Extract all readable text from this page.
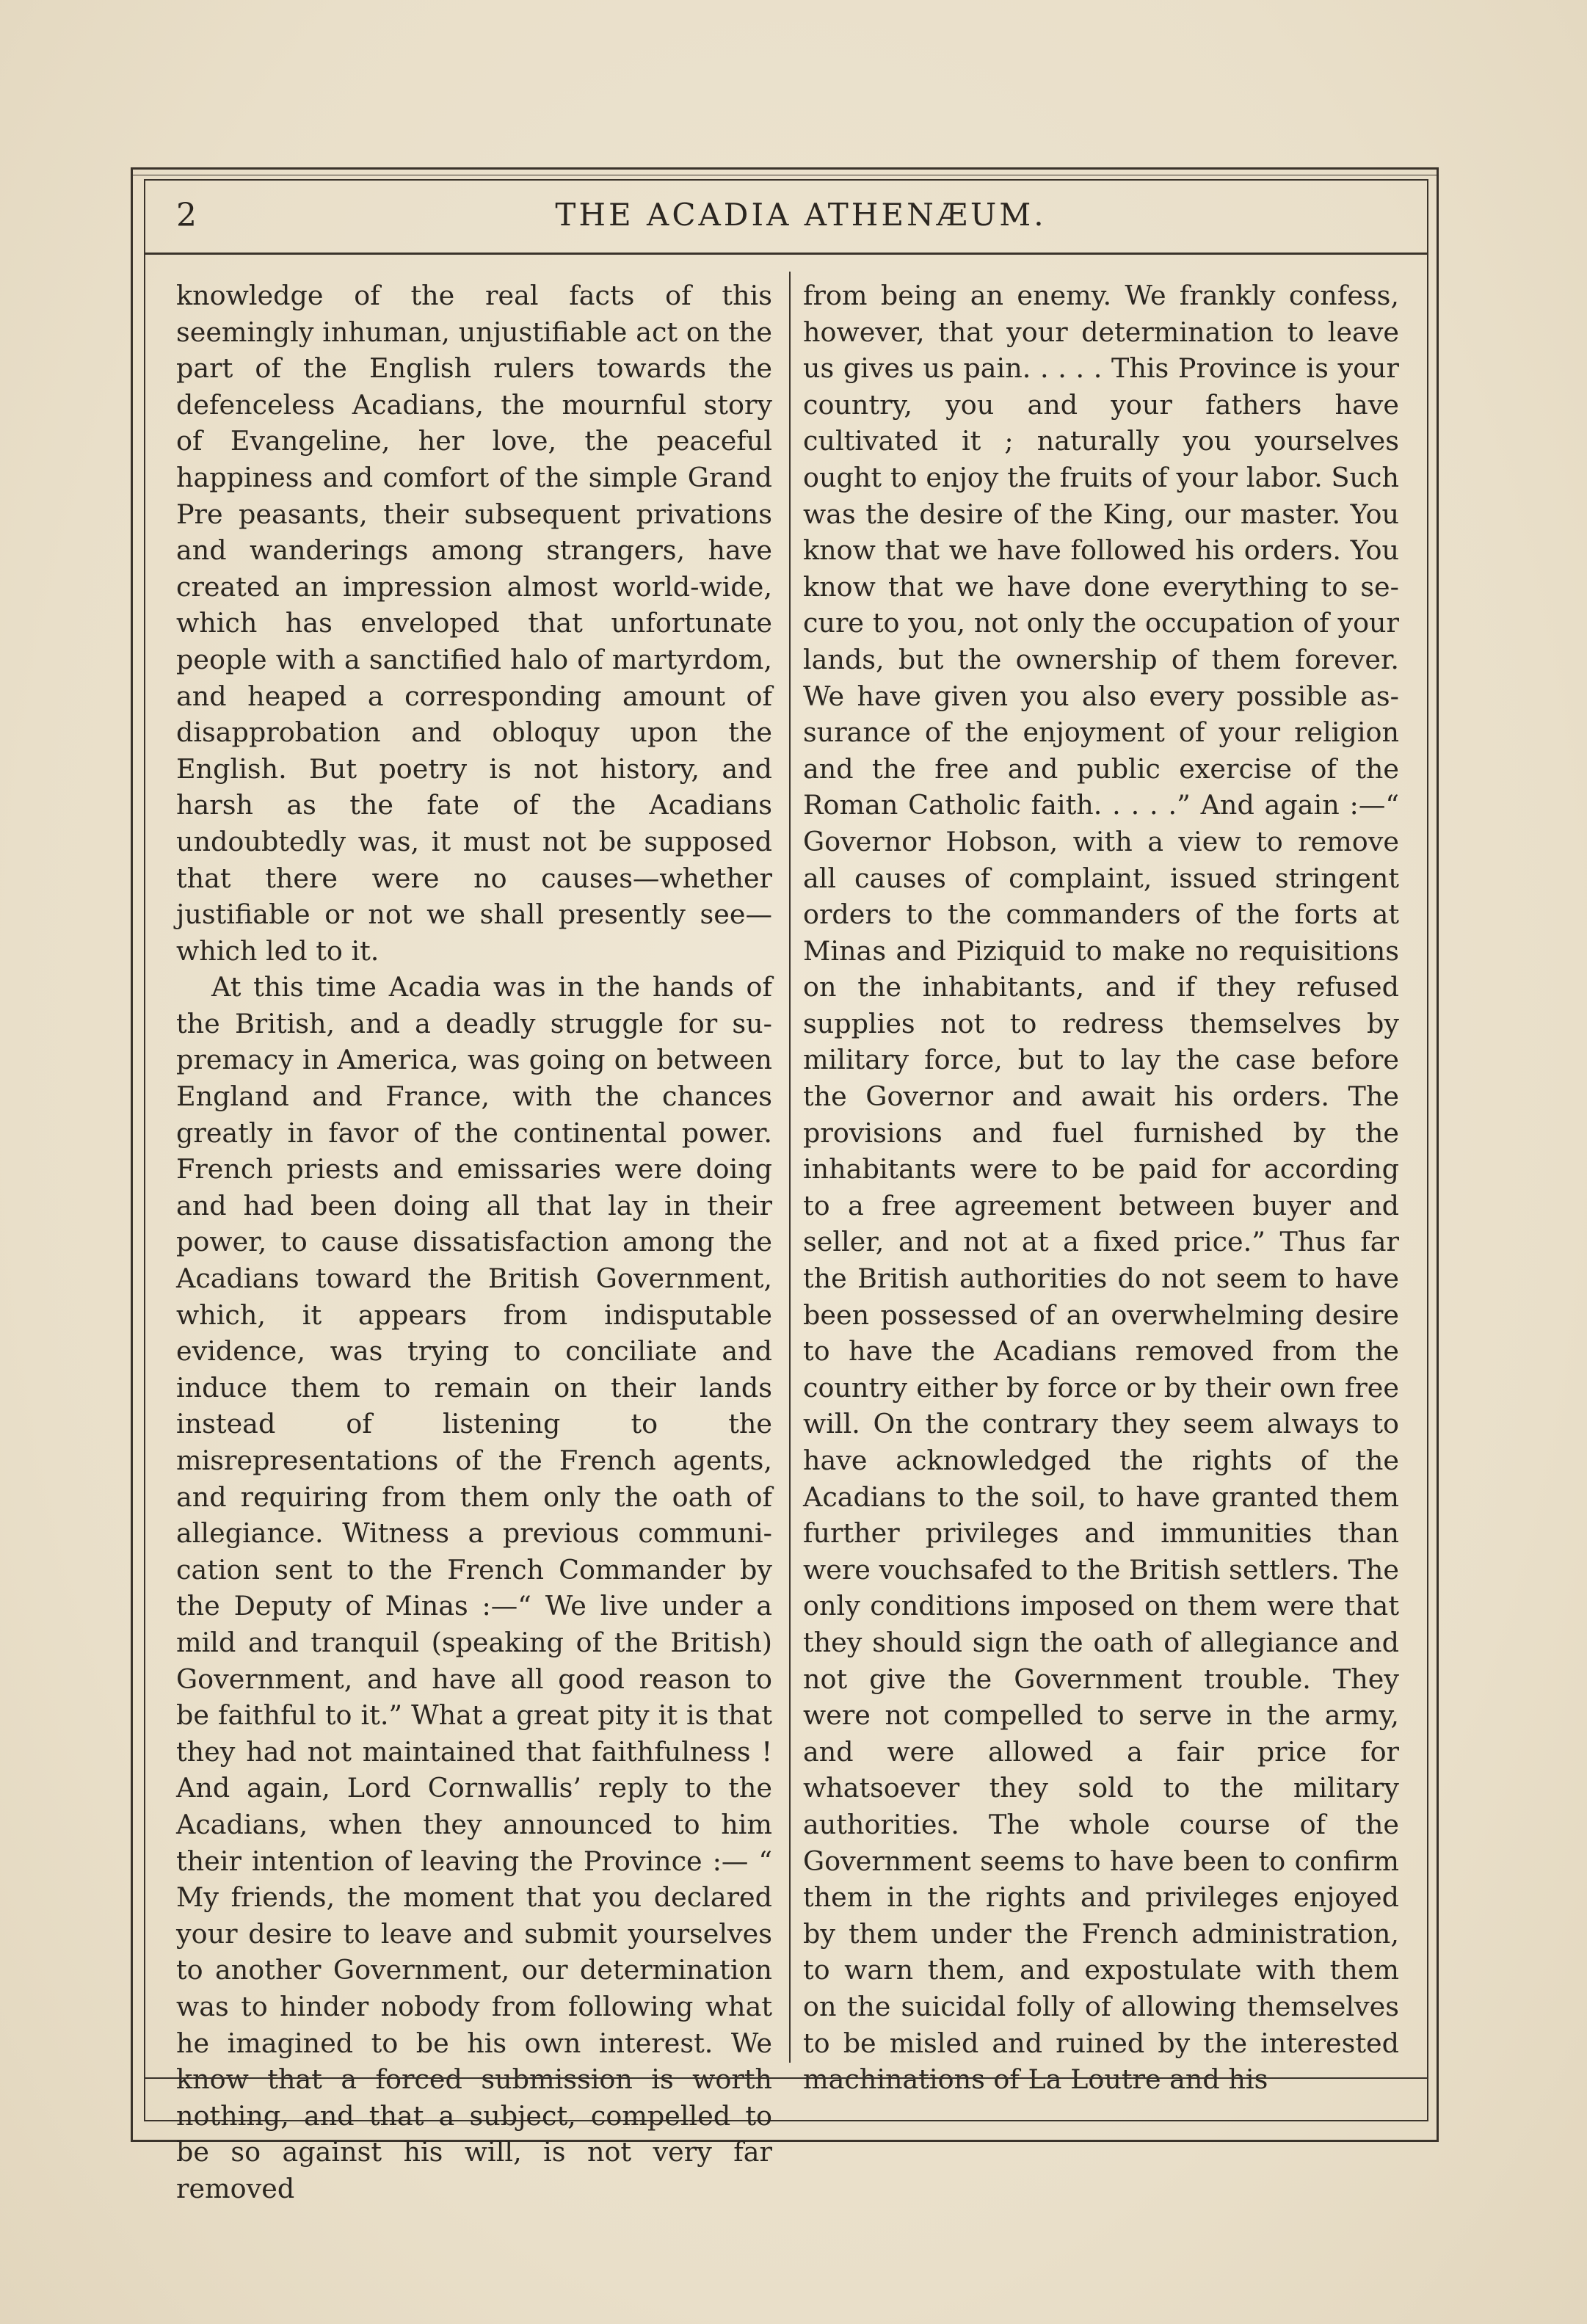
2	THE ACADIA ATHENÆUM.

knowledge of the real facts of this seemingly inhuman, unjustifiable act on the part of the English rulers towards the defenceless Acadians, the mournful story of Evangeline, her love, the peaceful happiness and comfort of the simple Grand Pre peasants, their subsequent privations and wanderings among strangers, have created an impression almost world-wide, which has enveloped that unfortunate people with a sanctified halo of martyrdom, and heaped a corresponding amount of disapprobation and obloquy upon the English. But poetry is not history, and harsh as the fate of the Acadians undoubtedly was, it must not be supposed that there were no causes—whether justifiable or not we shall presently see—which led to it.

At this time Acadia was in the hands of the British, and a deadly struggle for supremacy in America, was going on between England and France, with the chances greatly in favor of the continental power. French priests and emissaries were doing and had been doing all that lay in their power, to cause dissatisfaction among the Acadians toward the British Government, which, it appears from indisputable evidence, was trying to conciliate and induce them to remain on their lands instead of listening to the misrepresentations of the French agents, and requiring from them only the oath of allegiance. Witness a previous communication sent to the French Commander by the Deputy of Minas :—“ We live under a mild and tranquil (speaking of the British) Government, and have all good reason to be faithful to it.” What a great pity it is that they had not maintained that faithfulness ! And again, Lord Cornwallis’ reply to the Acadians, when they announced to him their intention of leaving the Province :— “ My friends, the moment that you declared your desire to leave and submit yourselves to another Government, our determination was to hinder nobody from following what he imagined to be his own interest. We know that a forced submission is worth nothing, and that a subject, compelled to be so against his will, is not very far removed

from being an enemy. We frankly confess, however, that your determination to leave us gives us pain. . . . . This Province is your country, you and your fathers have cultivated it ; naturally you yourselves ought to enjoy the fruits of your labor. Such was the desire of the King, our master. You know that we have followed his orders. You know that we have done everything to secure to you, not only the occupation of your lands, but the ownership of them forever. We have given you also every possible assurance of the enjoyment of your religion and the free and public exercise of the Roman Catholic faith. . . . .” And again :—“ Governor Hobson, with a view to remove all causes of complaint, issued stringent orders to the commanders of the forts at Minas and Piziquid to make no requisitions on the inhabitants, and if they refused supplies not to redress themselves by military force, but to lay the case before the Governor and await his orders. The provisions and fuel furnished by the inhabitants were to be paid for according to a free agreement between buyer and seller, and not at a fixed price.” Thus far the British authorities do not seem to have been possessed of an overwhelming desire to have the Acadians removed from the country either by force or by their own free will. On the contrary they seem always to have acknowledged the rights of the Acadians to the soil, to have granted them further privileges and immunities than were vouchsafed to the British settlers. The only conditions imposed on them were that they should sign the oath of allegiance and not give the Government trouble. They were not compelled to serve in the army, and were allowed a fair price for whatsoever they sold to the military authorities. The whole course of the Government seems to have been to confirm them in the rights and privileges enjoyed by them under the French administration, to warn them, and expostulate with them on the suicidal folly of allowing themselves to be misled and ruined by the interested machinations of La Loutre and his
